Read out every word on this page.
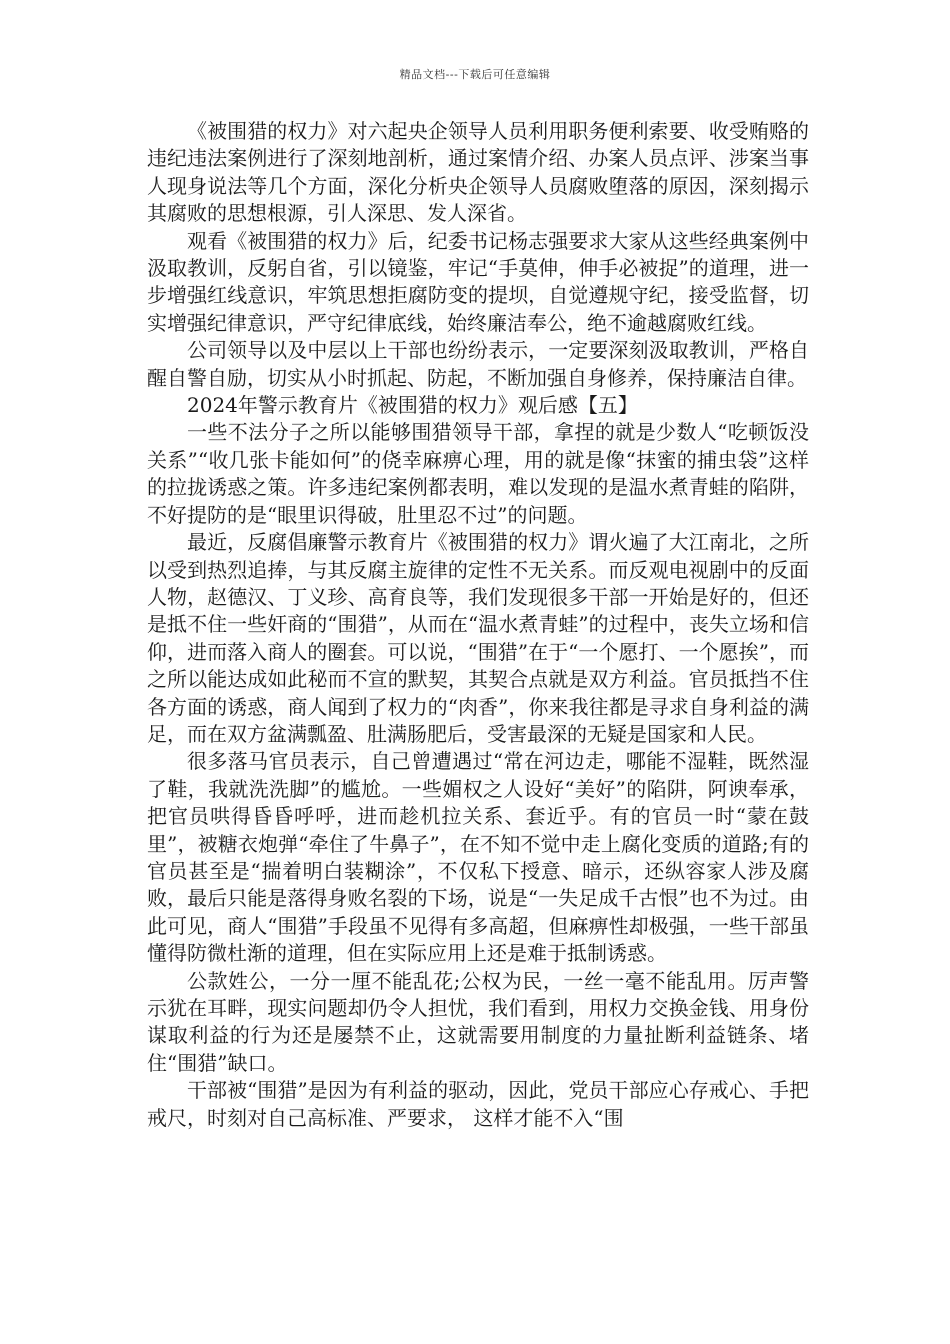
精品文档---下载后可任意编辑

《被围猎的权力》对六起央企领导人员利用职务便利索要、收受贿赂的违纪违法案例进行了深刻地剖析，通过案情介绍、办案人员点评、涉案当事人现身说法等几个方面，深化分析央企领导人员腐败堕落的原因，深刻揭示其腐败的思想根源，引人深思、发人深省。

观看《被围猎的权力》后，纪委书记杨志强要求大家从这些经典案例中汲取教训，反躬自省，引以镜鉴，牢记“手莫伸，伸手必被捉”的道理，进一步增强红线意识，牢筑思想拒腐防变的提坝，自觉遵规守纪，接受监督，切实增强纪律意识，严守纪律底线，始终廉洁奉公，绝不逾越腐败红线。

公司领导以及中层以上干部也纷纷表示，一定要深刻汲取教训，严格自醒自警自励，切实从小时抓起、防起，不断加强自身修养，保持廉洁自律。

2024年警示教育片《被围猎的权力》观后感【五】

一些不法分子之所以能够围猎领导干部，拿捏的就是少数人“吃顿饭没关系”“收几张卡能如何”的侥幸麻痹心理，用的就是像“抹蜜的捕虫袋”这样的拉拢诱惑之策。许多违纪案例都表明，难以发现的是温水煮青蛙的陷阱，不好提防的是“眼里识得破，肚里忍不过”的问题。

最近，反腐倡廉警示教育片《被围猎的权力》谓火遍了大江南北，之所以受到热烈追捧，与其反腐主旋律的定性不无关系。而反观电视剧中的反面人物，赵德汉、丁义珍、高育良等，我们发现很多干部一开始是好的，但还是抵不住一些奸商的“围猎”，从而在“温水煮青蛙”的过程中，丧失立场和信仰，进而落入商人的圈套。可以说，“围猎”在于“一个愿打、一个愿挨”，而之所以能达成如此秘而不宣的默契，其契合点就是双方利益。官员抵挡不住各方面的诱惑，商人闻到了权力的“肉香”，你来我往都是寻求自身利益的满足，而在双方盆满瓢盈、肚满肠肥后，受害最深的无疑是国家和人民。

很多落马官员表示，自己曾遭遇过“常在河边走，哪能不湿鞋，既然湿了鞋，我就洗洗脚”的尴尬。一些媚权之人设好“美好”的陷阱，阿谀奉承，把官员哄得昏昏呼呼，进而趁机拉关系、套近乎。有的官员一时“蒙在鼓里”，被糖衣炮弹“牵住了牛鼻子”，在不知不觉中走上腐化变质的道路;有的官员甚至是“揣着明白装糊涂”，不仅私下授意、暗示，还纵容家人涉及腐败，最后只能是落得身败名裂的下场，说是“一失足成千古恨”也不为过。由此可见，商人“围猎”手段虽不见得有多高超，但麻痹性却极强，一些干部虽懂得防微杜渐的道理，但在实际应用上还是难于抵制诱惑。

公款姓公，一分一厘不能乱花;公权为民，一丝一毫不能乱用。厉声警示犹在耳畔，现实问题却仍令人担忧，我们看到，用权力交换金钱、用身份谋取利益的行为还是屡禁不止，这就需要用制度的力量扯断利益链条、堵住“围猎”缺口。

干部被“围猎”是因为有利益的驱动，因此，党员干部应心存戒心、手把戒尺，时刻对自己高标准、严要求， 这样才能不入“围
